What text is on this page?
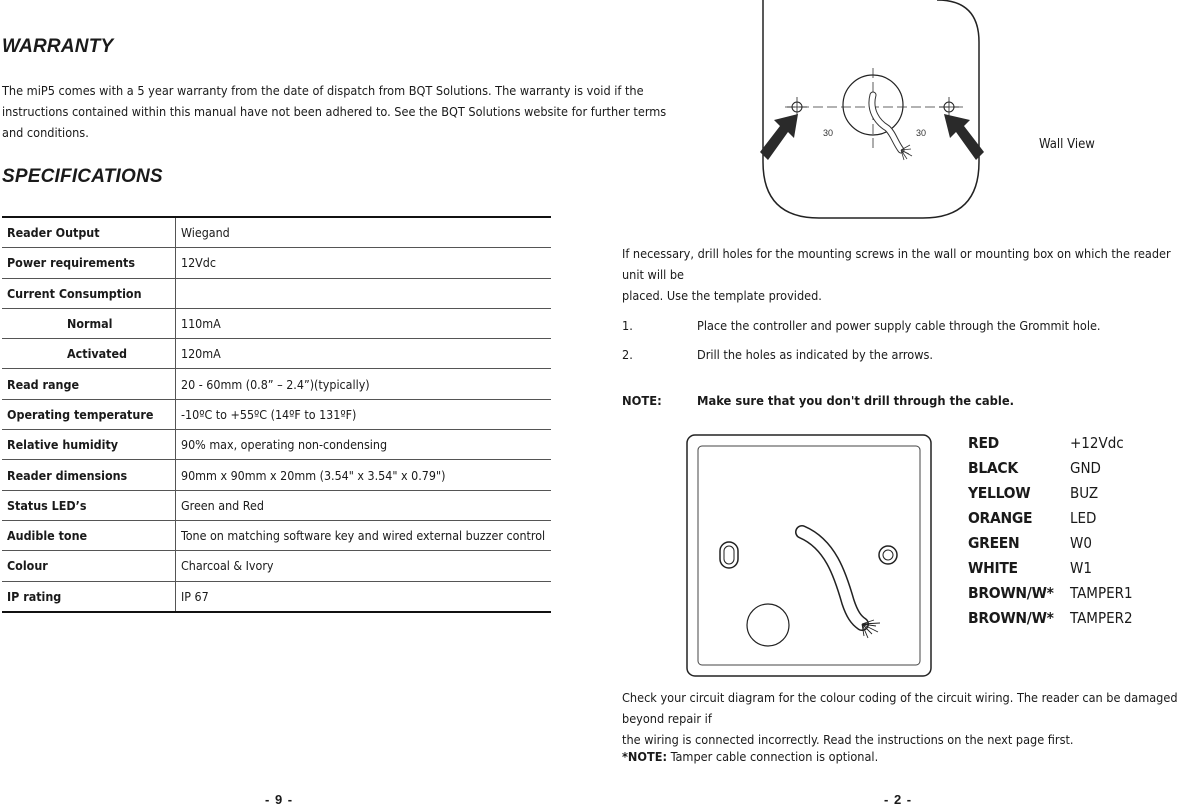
WARRANTY
The miP5 comes with a 5 year warranty from the date of dispatch from BQT Solutions. The warranty is void if the
instructions contained within this manual have not been adhered to. See the BQT Solutions website for further terms
and conditions.
SPECIFICATIONS
Reader Output	Wiegand
Power requirements	12Vdc
Current Consumption	
Normal	110mA
Activated	120mA
Read range	20 - 60mm (0.8” – 2.4”)(typically)
Operating temperature	-10ºC to +55ºC (14ºF to 131ºF)
Relative humidity	90% max, operating non-condensing
Reader dimensions	90mm x 90mm x 20mm (3.54" x 3.54" x 0.79")
Status LED’s	Green and Red
Audible tone	Tone on matching software key and wired external buzzer control
Colour	Charcoal & Ivory
IP rating	IP 67
- 9 -
30	30
Wall View
If necessary, drill holes for the mounting screws in the wall or mounting box on which the reader unit will be
placed. Use the template provided.
1.	Place the controller and power supply cable through the Grommit hole.
2.	Drill the holes as indicated by the arrows.
NOTE:	Make sure that you don't drill through the cable.
RED	+12Vdc
BLACK	GND
YELLOW	BUZ
ORANGE	LED
GREEN	W0
WHITE	W1
BROWN/W* TAMPER1
BROWN/W* TAMPER2
Check your circuit diagram for the colour coding of the circuit wiring. The reader can be damaged beyond repair if
the wiring is connected incorrectly. Read the instructions on the next page first.
*NOTE: Tamper cable connection is optional.
- 2 -
